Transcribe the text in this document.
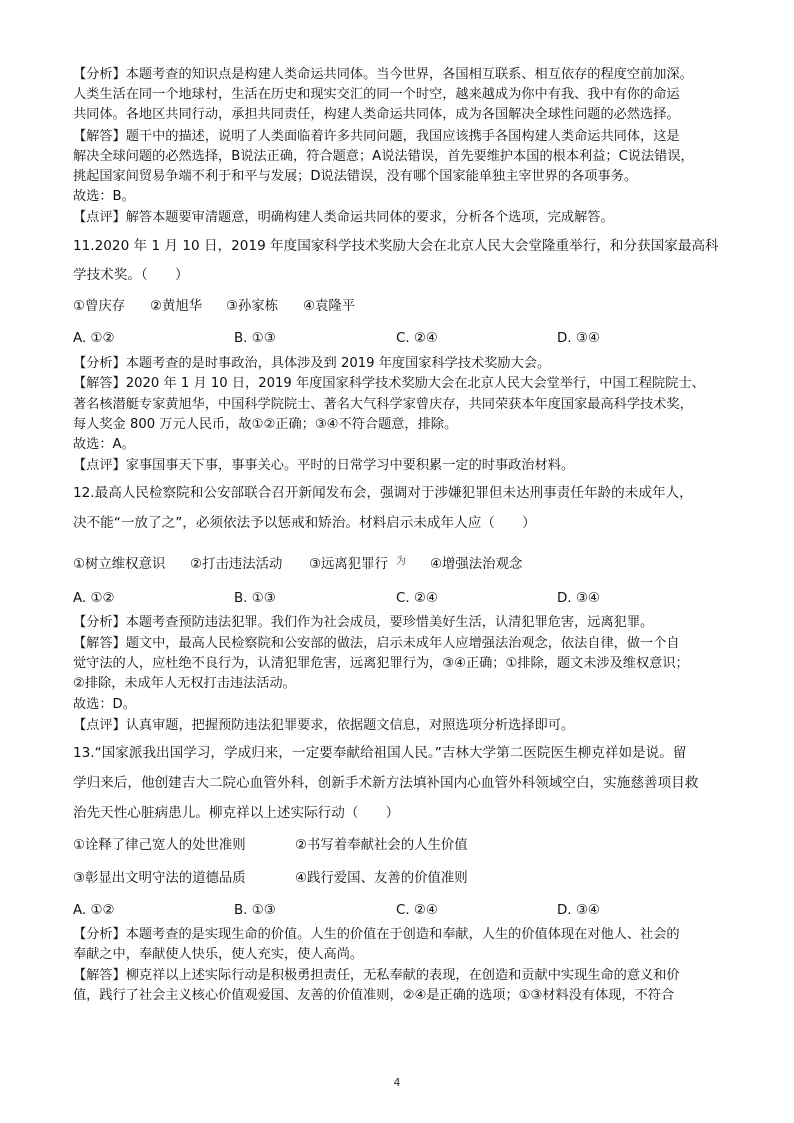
【分析】本题考查的知识点是构建人类命运共同体。当今世界，各国相互联系、相互依存的程度空前加深。
人类生活在同一个地球村，生活在历史和现实交汇的同一个时空，越来越成为你中有我、我中有你的命运
共同体。各地区共同行动，承担共同责任，构建人类命运共同体，成为各国解决全球性问题的必然选择。
【解答】题干中的描述，说明了人类面临着许多共同问题，我国应该携手各国构建人类命运共同体，这是
解决全球问题的必然选择，B说法正确，符合题意；A说法错误，首先要维护本国的根本利益；C说法错误，
挑起国家间贸易争端不利于和平与发展；D说法错误，没有哪个国家能单独主宰世界的各项事务。
故选：B。
【点评】解答本题要审清题意，明确构建人类命运共同体的要求，分析各个选项，完成解答。
11.2020 年 1 月 10 日，2019 年度国家科学技术奖励大会在北京人民大会堂隆重举行，和分获国家最高科
学技术奖。（　　）
①曾庆存 ②黄旭华 ③孙家栋 ④袁隆平
A. ①②	B. ①③	C. ②④	D. ③④
【分析】本题考查的是时事政治，具体涉及到 2019 年度国家科学技术奖励大会。
【解答】2020 年 1 月 10 日，2019 年度国家科学技术奖励大会在北京人民大会堂举行，中国工程院院士、
著名核潜艇专家黄旭华，中国科学院院士、著名大气科学家曾庆存，共同荣获本年度国家最高科学技术奖，
每人奖金 800 万元人民币，故①②正确；③④不符合题意，排除。
故选：A。
【点评】家事国事天下事，事事关心。平时的日常学习中要积累一定的时事政治材料。
12.最高人民检察院和公安部联合召开新闻发布会，强调对于涉嫌犯罪但未达刑事责任年龄的未成年人，
决不能“一放了之”，必须依法予以惩戒和矫治。材料启示未成年人应（　　）
①树立维权意识 ②打击违法活动 ③远离犯罪行 为 ④增强法治观念
A. ①②	B. ①③	C. ②④	D. ③④
【分析】本题考查预防违法犯罪。我们作为社会成员，要珍惜美好生活，认清犯罪危害，远离犯罪。
【解答】题文中，最高人民检察院和公安部的做法，启示未成年人应增强法治观念，依法自律，做一个自
觉守法的人，应杜绝不良行为，认清犯罪危害，远离犯罪行为，③④正确；①排除，题文未涉及维权意识；
②排除，未成年人无权打击违法活动。
故选：D。
【点评】认真审题，把握预防违法犯罪要求，依据题文信息，对照选项分析选择即可。
13.“国家派我出国学习，学成归来，一定要奉献给祖国人民。”吉林大学第二医院医生柳克祥如是说。留
学归来后，他创建吉大二院心血管外科，创新手术新方法填补国内心血管外科领域空白，实施慈善项目救
治先天性心脏病患儿。柳克祥以上述实际行动（　　）
①诠释了律己宽人的处世准则	②书写着奉献社会的人生价值
③彰显出文明守法的道德品质	④践行爱国、友善的价值准则
A. ①②	B. ①③	C. ②④	D. ③④
【分析】本题考查的是实现生命的价值。人生的价值在于创造和奉献，人生的价值体现在对他人、社会的
奉献之中，奉献使人快乐，使人充实，使人高尚。
【解答】柳克祥以上述实际行动是积极勇担责任，无私奉献的表现，在创造和贡献中实现生命的意义和价
值，践行了社会主义核心价值观爱国、友善的价值准则，②④是正确的选项；①③材料没有体现，不符合
4
